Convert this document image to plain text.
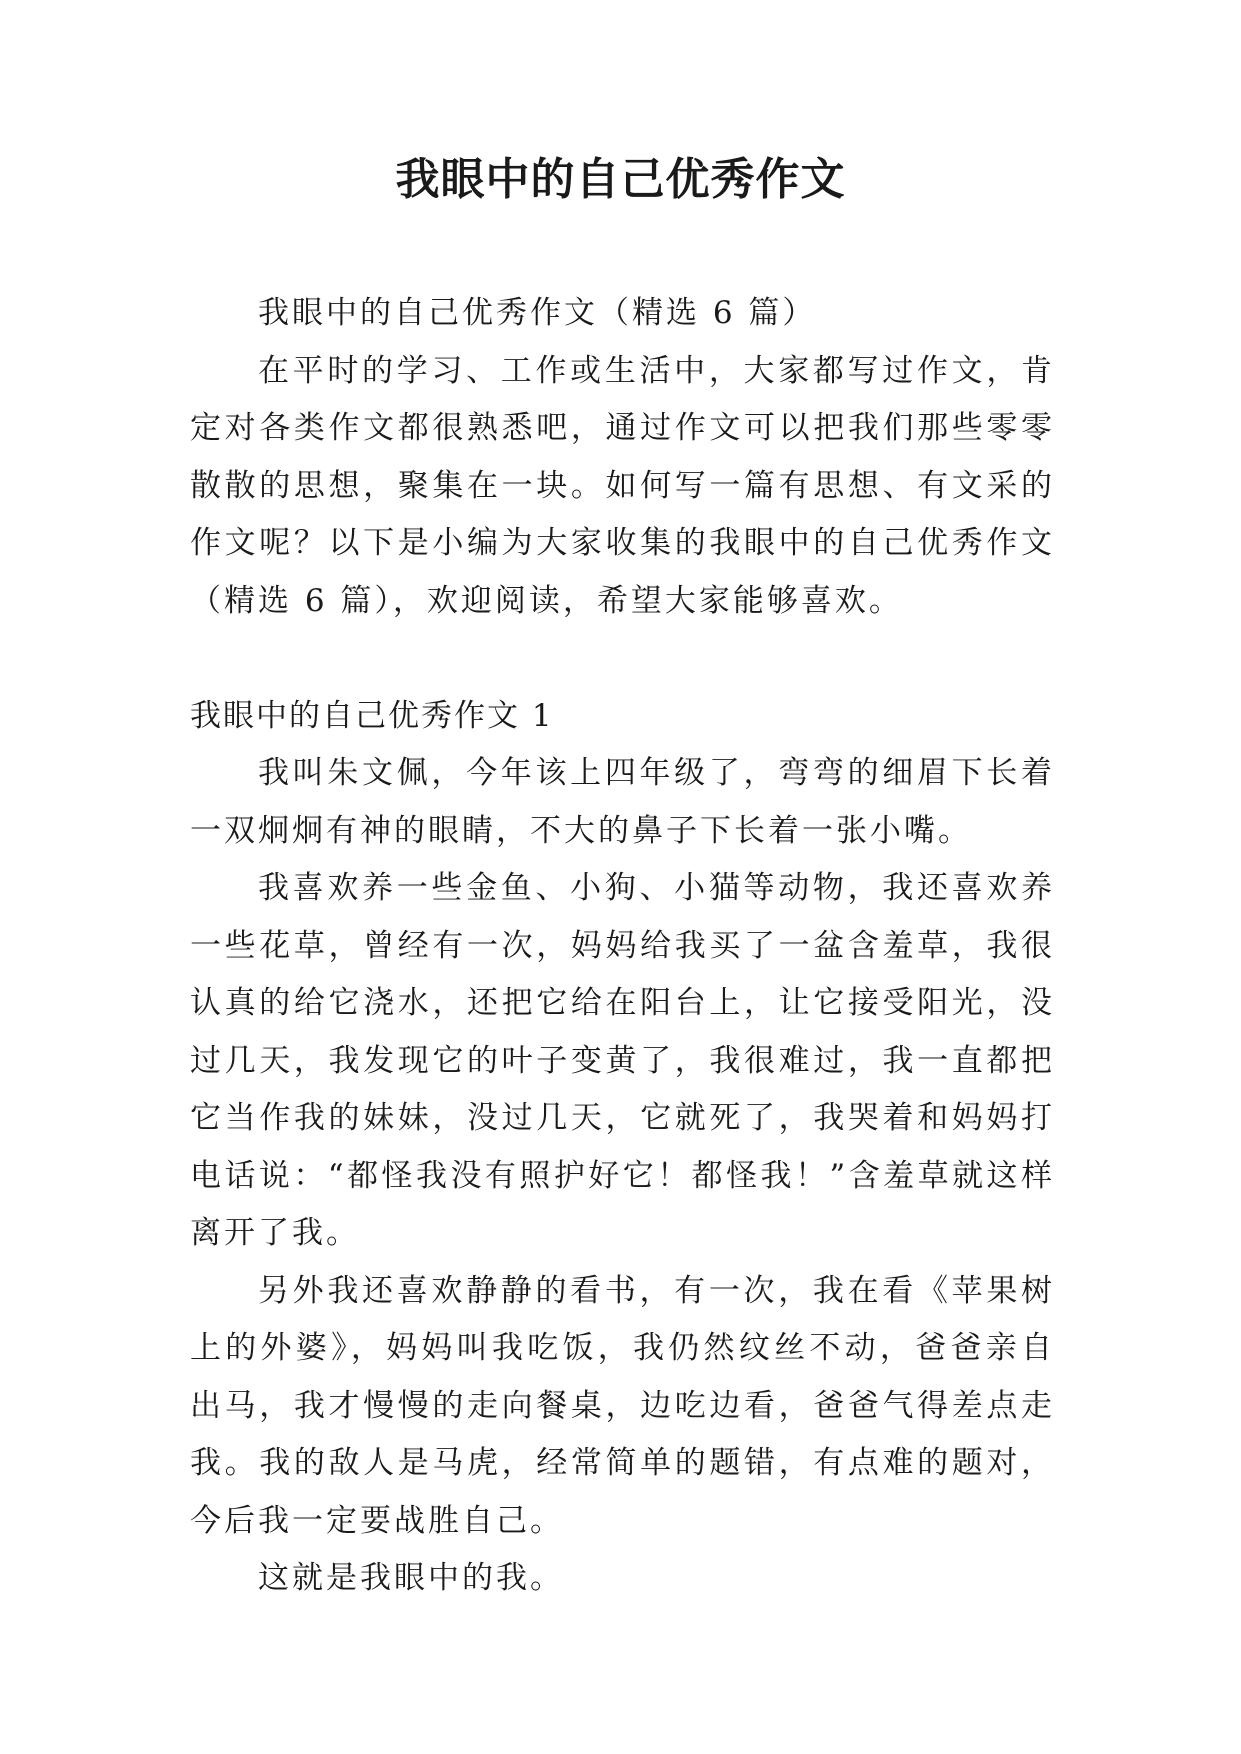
我眼中的自己优秀作文

我眼中的自己优秀作文（精选 6 篇）

在平时的学习、工作或生活中，大家都写过作文，肯定对各类作文都很熟悉吧，通过作文可以把我们那些零零散散的思想，聚集在一块。如何写一篇有思想、有文采的作文呢？以下是小编为大家收集的我眼中的自己优秀作文（精选 6 篇），欢迎阅读，希望大家能够喜欢。

我眼中的自己优秀作文 1

我叫朱文佩，今年该上四年级了，弯弯的细眉下长着一双炯炯有神的眼睛，不大的鼻子下长着一张小嘴。

我喜欢养一些金鱼、小狗、小猫等动物，我还喜欢养一些花草，曾经有一次，妈妈给我买了一盆含羞草，我很认真的给它浇水，还把它给在阳台上，让它接受阳光，没过几天，我发现它的叶子变黄了，我很难过，我一直都把它当作我的妹妹，没过几天，它就死了，我哭着和妈妈打电话说：“都怪我没有照护好它！都怪我！”含羞草就这样离开了我。

另外我还喜欢静静的看书，有一次，我在看《苹果树上的外婆》，妈妈叫我吃饭，我仍然纹丝不动，爸爸亲自出马，我才慢慢的走向餐桌，边吃边看，爸爸气得差点走我。我的敌人是马虎，经常简单的题错，有点难的题对，今后我一定要战胜自己。

这就是我眼中的我。
